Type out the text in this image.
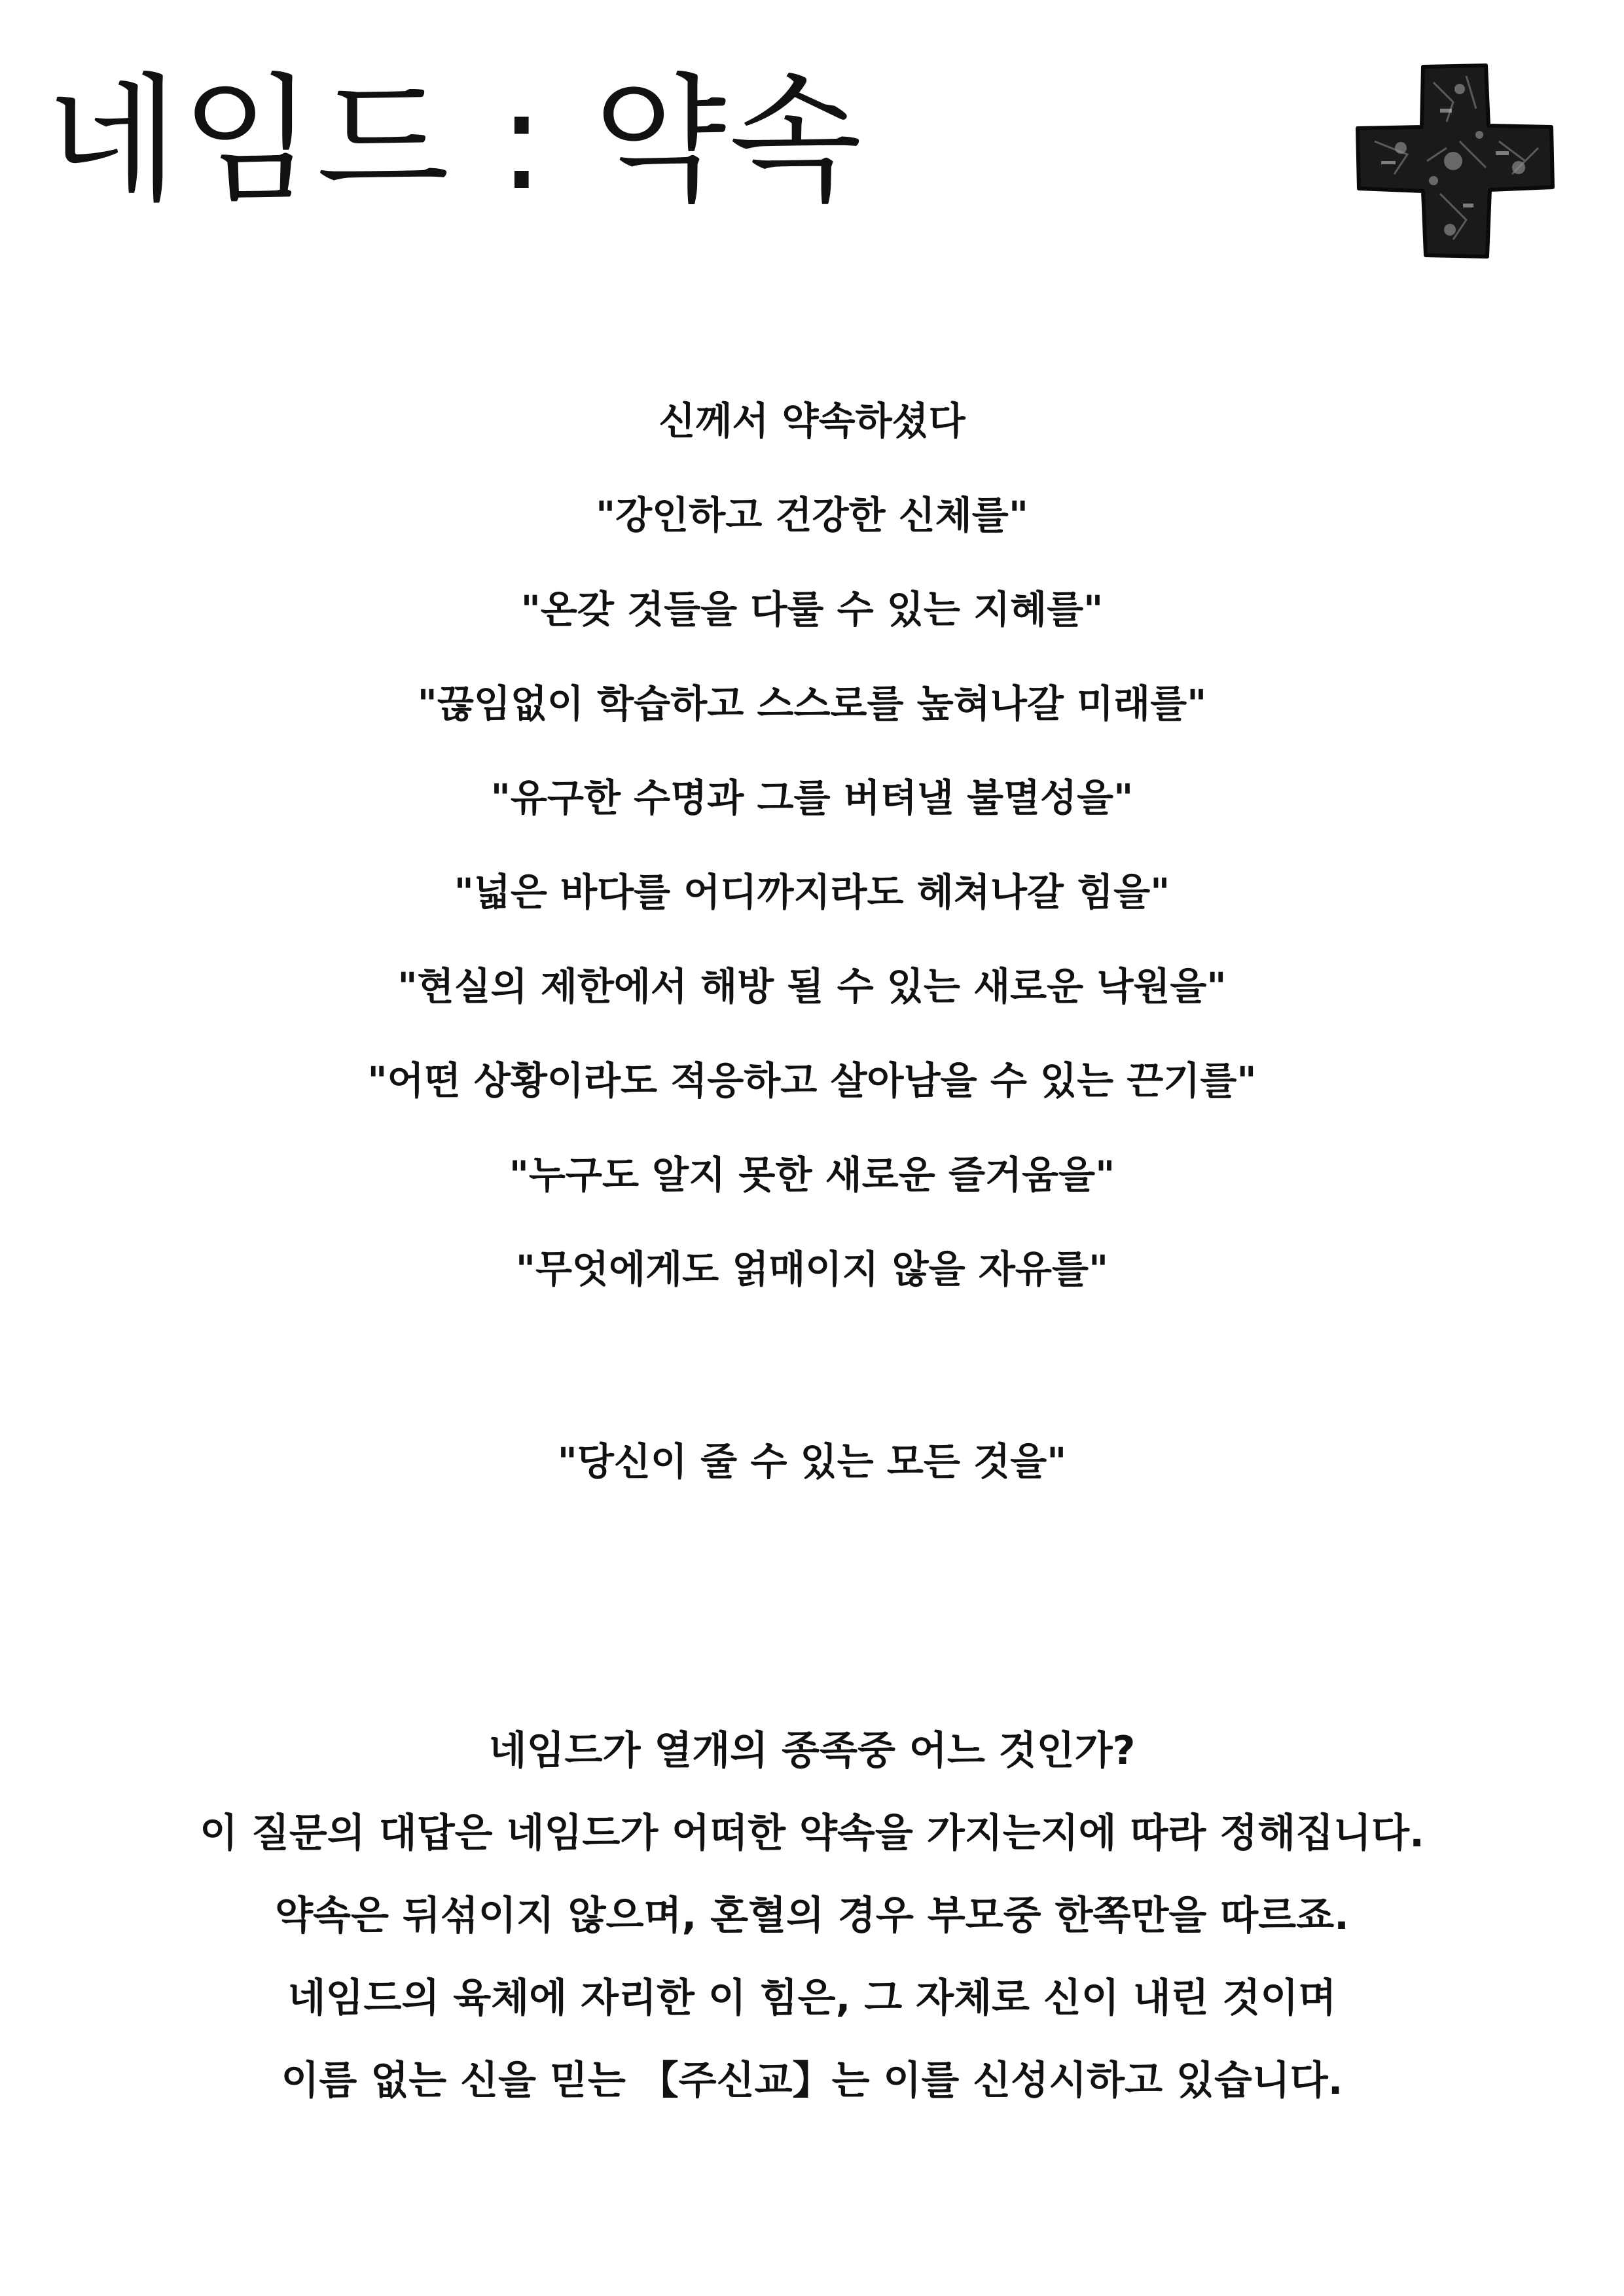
네임드 : 약속
신께서 약속하셨다
"강인하고 건강한 신체를"
"온갖 것들을 다룰 수 있는 지혜를"
"끊임없이 학습하고 스스로를 높혀나갈 미래를"
"유구한 수명과 그를 버텨낼 불멸성을"
"넓은 바다를 어디까지라도 헤쳐나갈 힘을"
"현실의 제한에서 해방 될 수 있는 새로운 낙원을"
"어떤 상황이라도 적응하고 살아남을 수 있는 끈기를"
"누구도 알지 못한 새로운 즐거움을"
"무엇에게도 얽매이지 않을 자유를"
"당신이 줄 수 있는 모든 것을"
네임드가 열개의 종족중 어느 것인가?
이 질문의 대답은 네임드가 어떠한 약속을 가지는지에 따라 정해집니다.
약속은 뒤섞이지 않으며, 혼혈의 경우 부모중 한쪽만을 따르죠.
네임드의 육체에 자리한 이 힘은, 그 자체로 신이 내린 것이며
이름 없는 신을 믿는 【주신교】는 이를 신성시하고 있습니다.
